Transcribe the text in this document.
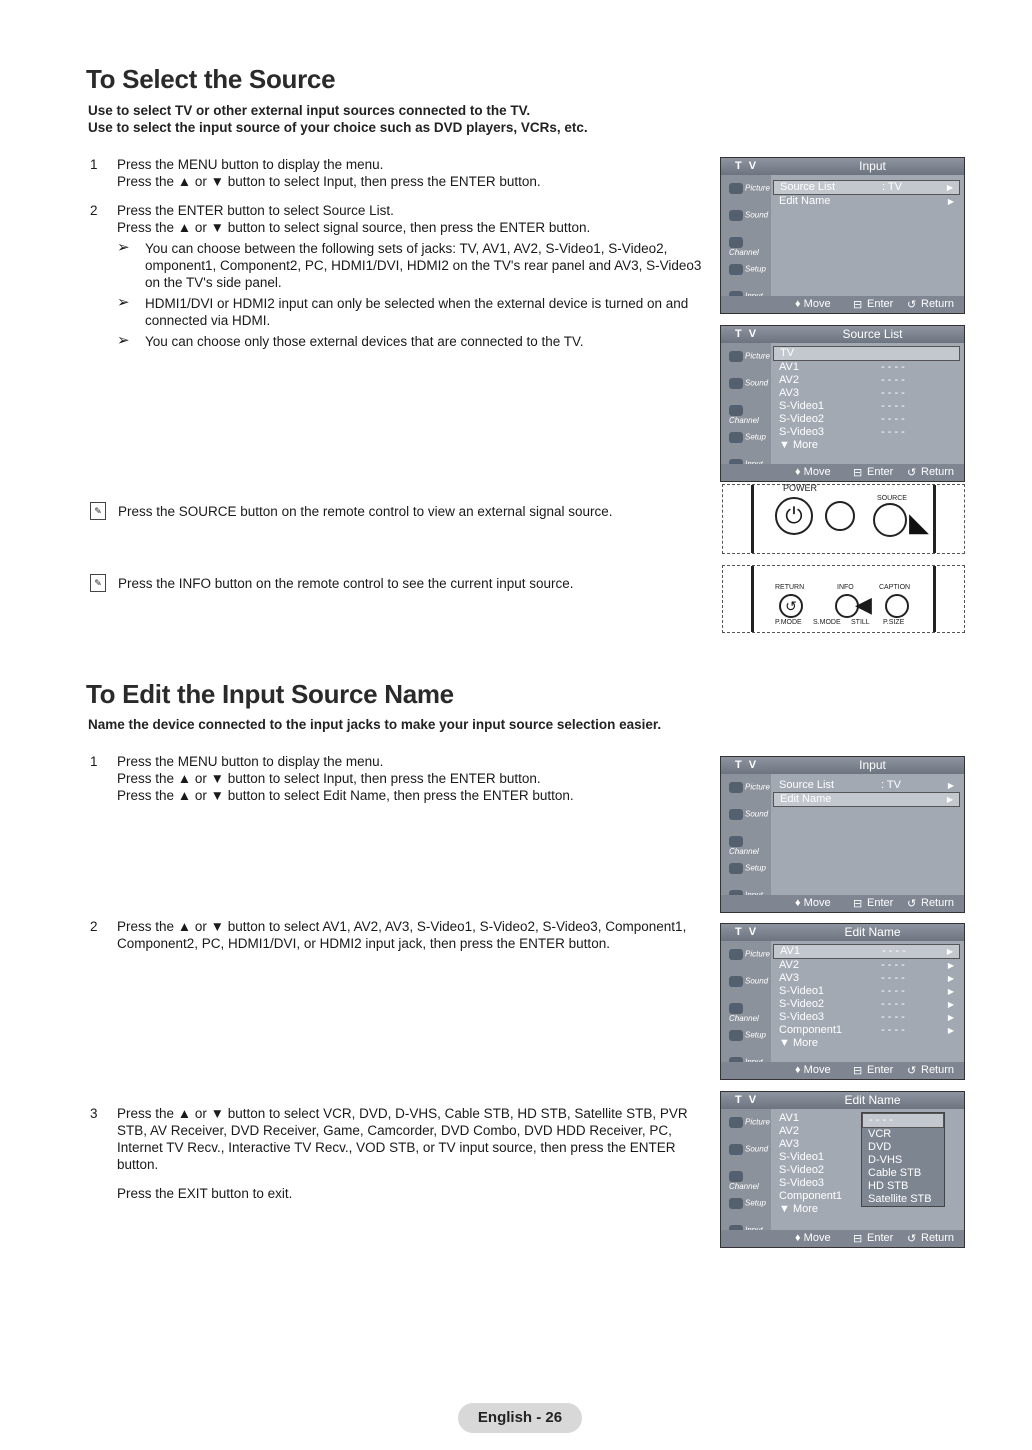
To Select the Source
Use to select TV or other external input sources connected to the TV.
Use to select the input source of your choice such as DVD players, VCRs, etc.
1 Press the MENU button to display the menu.

Press the ▲ or ▼ button to select Input, then press the ENTER button.

2 Press the ENTER button to select Source List.

Press the ▲ or ▼ button to select signal source, then press the ENTER button.

➢ You can choose between the following sets of jacks: TV, AV1, AV2, S-Video1, S-Video2, omponent1, Component2, PC, HDMI1/DVI, HDMI2 on the TV's rear panel and AV3, S-Video3 on the TV's side panel.
➢ HDMI1/DVI or HDMI2 input can only be selected when the external device is turned on and connected via HDMI.
➢ You can choose only those external devices that are connected to the TV.
✎	Press the SOURCE button on the remote control to view an external signal source.
✎	Press the INFO button on the remote control to see the current input source.
T V	Input
Picture
Sound
Channel
Setup
Source List	: TV	▶
Edit Name	▶
♦ Move ⊟ Enter ↺ Return
T V	Source List
Picture
Sound
Channel
Setup
TV
AV1	- - - -
AV2	- - - -
AV3	- - - -
S-Video1	- - - -
S-Video2	- - - -
S-Video3	- - - -
▼ More
♦ Move ⊟ Enter ↺ Return
POWER
⏻
SOURCE
◣
RETURN	INFO	CAPTION
↺	◀
P.MODE S.MODE STILL P.SIZE
To Edit the Input Source Name
Name the device connected to the input jacks to make your input source selection easier.
1 Press the MENU button to display the menu.

Press the ▲ or ▼ button to select Input, then press the ENTER button.

Press the ▲ or ▼ button to select Edit Name, then press the ENTER button.

2 Press the ▲ or ▼ button to select AV1, AV2, AV3, S-Video1, S-Video2, S-Video3, Component1, Component2, PC, HDMI1/DVI, or HDMI2 input jack, then press the ENTER button.

3 Press the ▲ or ▼ button to select VCR, DVD, D-VHS, Cable STB, HD STB, Satellite STB, PVR STB, AV Receiver, DVD Receiver, Game, Camcorder, DVD Combo, DVD HDD Receiver, PC, Internet TV Recv., Interactive TV Recv., VOD STB, or TV input source, then press the ENTER button.

Press the EXIT button to exit.

T V	Input
Picture
Sound
Channel
Setup
Source List	: TV	▶
Edit Name	▶
♦ Move ⊟ Enter ↺ Return
T V	Edit Name
Picture
Sound
Channel
Setup
AV1	- - - -	▶
AV2	- - - -	▶
AV3	- - - -	▶
S-Video1	- - - -	▶
S-Video2	- - - -	▶
S-Video3	- - - -	▶
Component1	- - - -	▶
▼ More
♦ Move ⊟ Enter ↺ Return
T V	Edit Name
Picture
Sound
Channel
Setup
AV1
AV2
AV3
S-Video1
S-Video2
S-Video3
Component1
▼ More
- - - -
VCR
DVD
D-VHS
Cable STB
HD STB
Satellite STB
♦ Move ⊟ Enter ↺ Return
English - 26
